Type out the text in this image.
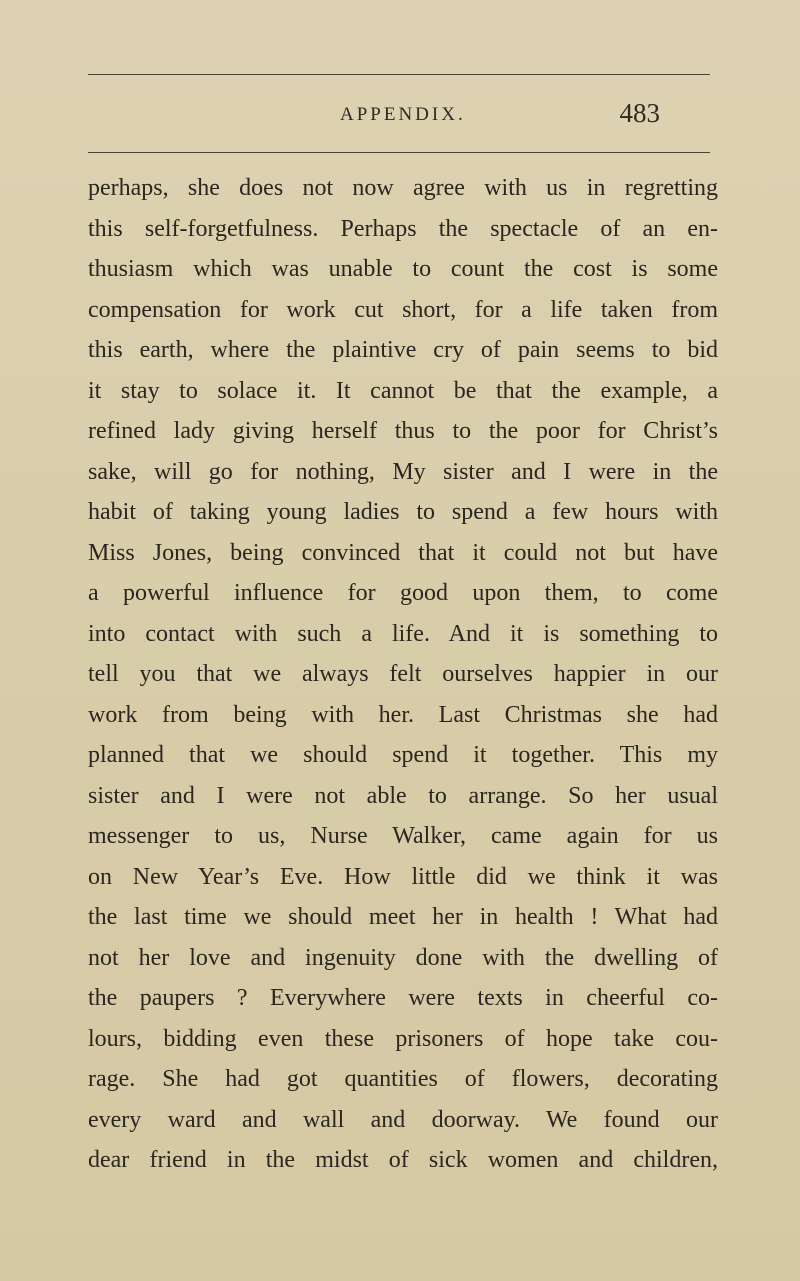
APPENDIX.	483
perhaps, she does not now agree with us in regretting
this self-forgetfulness. Perhaps the spectacle of an en-
thusiasm which was unable to count the cost is some
compensation for work cut short, for a life taken from
this earth, where the plaintive cry of pain seems to bid
it stay to solace it. It cannot be that the example, a
refined lady giving herself thus to the poor for Christ’s
sake, will go for nothing, My sister and I were in the
habit of taking young ladies to spend a few hours with
Miss Jones, being convinced that it could not but have
a powerful influence for good upon them, to come
into contact with such a life. And it is something to
tell you that we always felt ourselves happier in our
work from being with her. Last Christmas she had
planned that we should spend it together. This my
sister and I were not able to arrange. So her usual
messenger to us, Nurse Walker, came again for us
on New Year’s Eve. How little did we think it was
the last time we should meet her in health ! What had
not her love and ingenuity done with the dwelling of
the paupers ? Everywhere were texts in cheerful co-
lours, bidding even these prisoners of hope take cou-
rage. She had got quantities of flowers, decorating
every ward and wall and doorway. We found our
dear friend in the midst of sick women and children,
